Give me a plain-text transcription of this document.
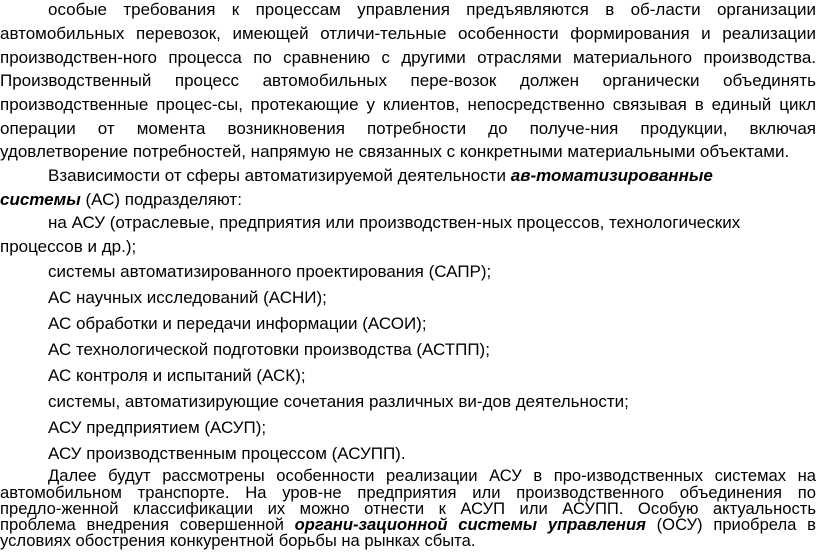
особые требования к процессам управления предъявляются в об-ласти организации
автомобильных перевозок, имеющей отличи-тельные особенности формирования и реализации
производствен-ного процесса по сравнению с другими отраслями материального производства.
Производственный процесс автомобильных пере-возок должен органически объединять
производственные процес-сы, протекающие у клиентов, непосредственно связывая в единый цикл
операции от момента возникновения потребности до получе-ния продукции, включая
удовлетворение потребностей, напрямую не связанных с конкретными материальными объектами.
Взависимости от сферы автоматизируемой деятельности ав-томатизированные
системы (АС) подразделяют:
на АСУ (отраслевые, предприятия или производствен-ных процессов, технологических
процессов и др.);
системы автоматизированного проектирования (САПР);
АС научных исследований (АСНИ);
АС обработки и передачи информации (АСОИ);
АС технологической подготовки производства (АСТПП);
АС контроля и испытаний (АСК);
системы, автоматизирующие сочетания различных ви-дов деятельности;
АСУ предприятием (АСУП);
АСУ производственным процессом (АСУПП).
Далее будут рассмотрены особенности реализации АСУ в про-изводственных системах на
автомобильном транспорте. На уров-не предприятия или производственного объединения по
предло-женной классификации их можно отнести к АСУП или АСУПП. Особую актуальность
проблема внедрения совершенной органи-зационной системы управления (ОСУ) приобрела в
условиях обострения конкурентной борьбы на рынках сбыта.
